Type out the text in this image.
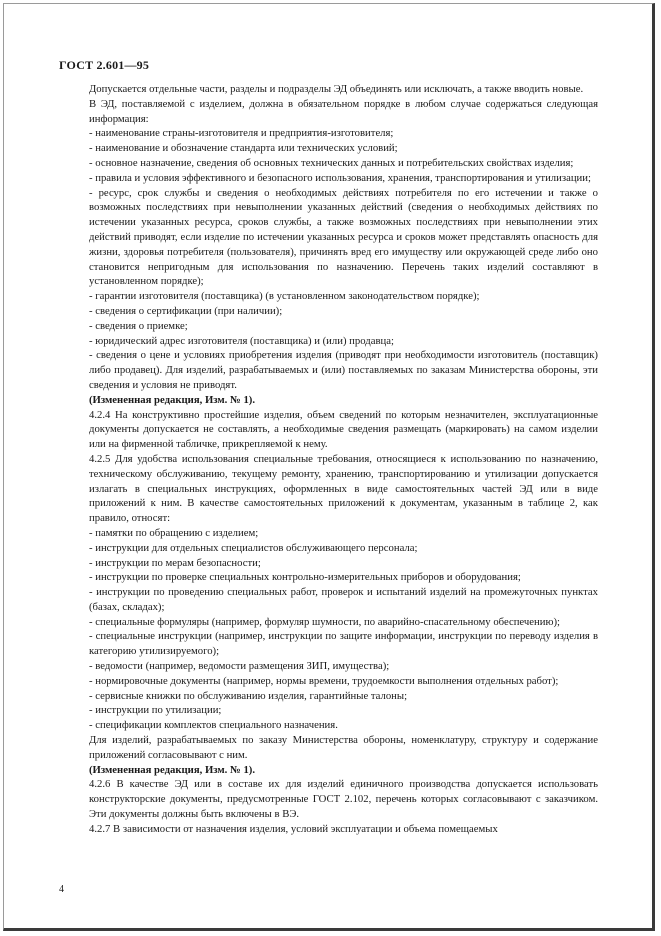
ГОСТ 2.601—95

Допускается отдельные части, разделы и подразделы ЭД объединять или исключать, а также вводить новые.

В ЭД, поставляемой с изделием, должна в обязательном порядке в любом случае содержаться следующая информация:

- наименование страны-изготовителя и предприятия-изготовителя;

- наименование и обозначение стандарта или технических условий;

- основное назначение, сведения об основных технических данных и потребительских свойствах изделия;

- правила и условия эффективного и безопасного использования, хранения, транспортирования и утилизации;

- ресурс, срок службы и сведения о необходимых действиях потребителя по его истечении и также о возможных последствиях при невыполнении указанных действий (сведения о необходимых действиях по истечении указанных ресурса, сроков службы, а также возможных последствиях при невыполнении этих действий приводят, если изделие по истечении указанных ресурса и сроков может представлять опасность для жизни, здоровья потребителя (пользователя), причинять вред его имуществу или окружающей среде либо оно становится непригодным для использования по назначению. Перечень таких изделий составляют в установленном порядке);

- гарантии изготовителя (поставщика) (в установленном законодательством порядке);

- сведения о сертификации (при наличии);

- сведения о приемке;

- юридический адрес изготовителя (поставщика) и (или) продавца;

- сведения о цене и условиях приобретения изделия (приводят при необходимости изготовитель (поставщик) либо продавец). Для изделий, разрабатываемых и (или) поставляемых по заказам Министерства обороны, эти сведения и условия не приводят.

(Измененная редакция, Изм. № 1).

4.2.4 На конструктивно простейшие изделия, объем сведений по которым незначителен, эксплуатационные документы допускается не составлять, а необходимые сведения размещать (маркировать) на самом изделии или на фирменной табличке, прикрепляемой к нему.

4.2.5 Для удобства использования специальные требования, относящиеся к использованию по назначению, техническому обслуживанию, текущему ремонту, хранению, транспортированию и утилизации допускается излагать в специальных инструкциях, оформленных в виде самостоятельных частей ЭД или в виде приложений к ним. В качестве самостоятельных приложений к документам, указанным в таблице 2, как правило, относят:

- памятки по обращению с изделием;

- инструкции для отдельных специалистов обслуживающего персонала;

- инструкции по мерам безопасности;

- инструкции по проверке специальных контрольно-измерительных приборов и оборудования;

- инструкции по проведению специальных работ, проверок и испытаний изделий на промежуточных пунктах (базах, складах);

- специальные формуляры (например, формуляр шумности, по аварийно-спасательному обеспечению);

- специальные инструкции (например, инструкции по защите информации, инструкции по переводу изделия в категорию утилизируемого);

- ведомости (например, ведомости размещения ЗИП, имущества);

- нормировочные документы (например, нормы времени, трудоемкости выполнения отдельных работ);

- сервисные книжки по обслуживанию изделия, гарантийные талоны;

- инструкции по утилизации;

- спецификации комплектов специального назначения.

Для изделий, разрабатываемых по заказу Министерства обороны, номенклатуру, структуру и содержание приложений согласовывают с ним.

(Измененная редакция, Изм. № 1).

4.2.6 В качестве ЭД или в составе их для изделий единичного производства допускается использовать конструкторские документы, предусмотренные ГОСТ 2.102, перечень которых согласовывают с заказчиком. Эти документы должны быть включены в ВЭ.

4.2.7 В зависимости от назначения изделия, условий эксплуатации и объема помещаемых

4
